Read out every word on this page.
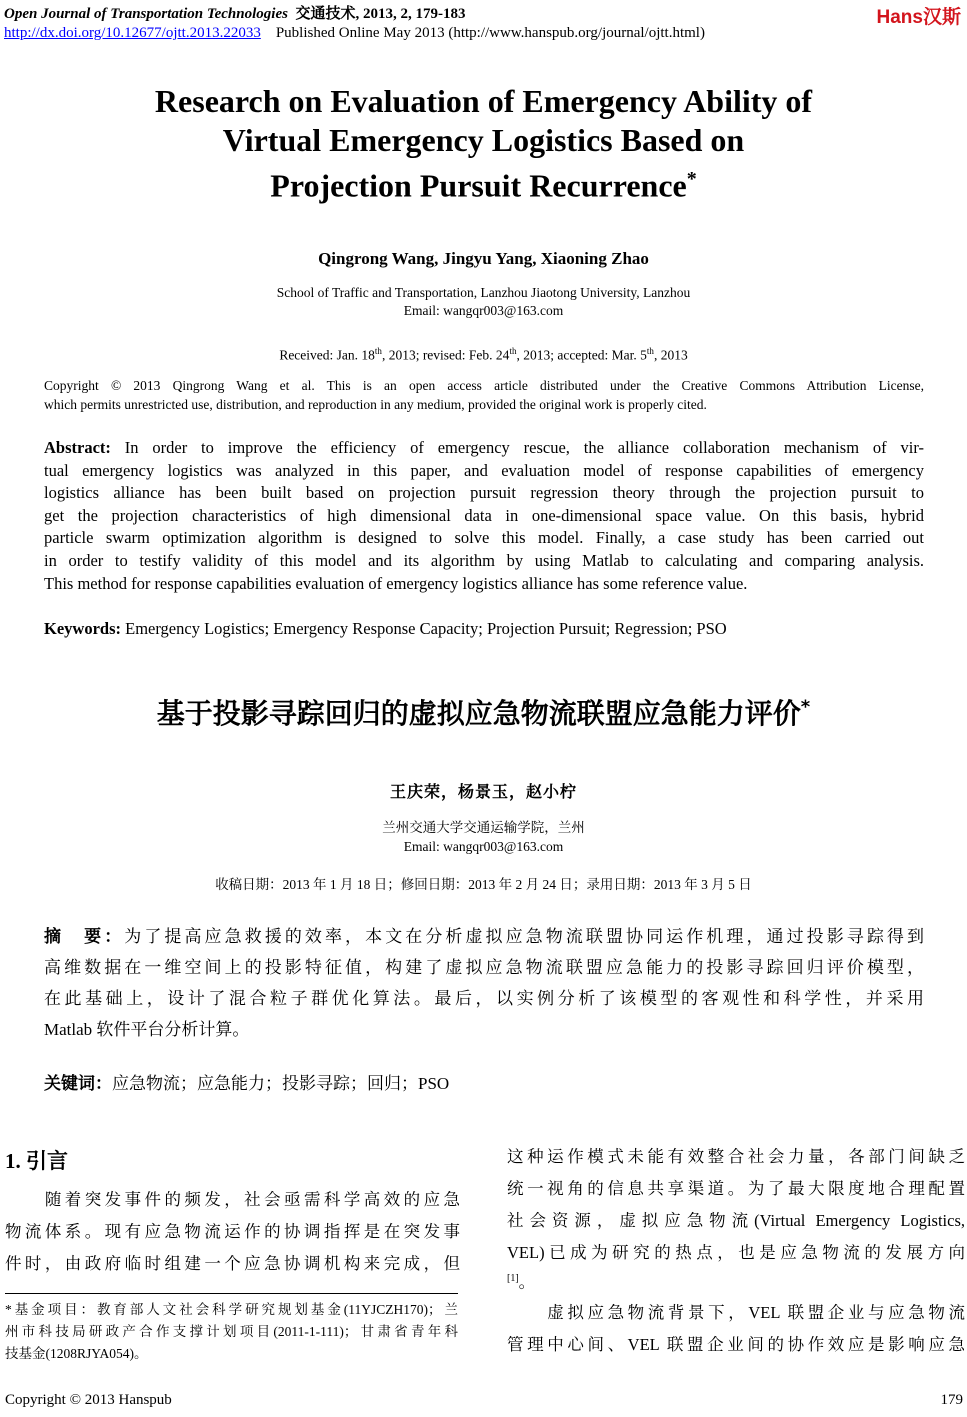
Open Journal of Transportation Technologies 交通技术, 2013, 2, 179-183
http://dx.doi.org/10.12677/ojtt.2013.22033 Published Online May 2013 (http://www.hanspub.org/journal/ojtt.html)
Hans汉斯
Research on Evaluation of Emergency Ability of
Virtual Emergency Logistics Based on
Projection Pursuit Recurrence*
Qingrong Wang, Jingyu Yang, Xiaoning Zhao
School of Traffic and Transportation, Lanzhou Jiaotong University, Lanzhou
Email: wangqr003@163.com
Received: Jan. 18th, 2013; revised: Feb. 24th, 2013; accepted: Mar. 5th, 2013
Copyright © 2013 Qingrong Wang et al. This is an open access article distributed under the Creative Commons Attribution License,
which permits unrestricted use, distribution, and reproduction in any medium, provided the original work is properly cited.
Abstract: In order to improve the efficiency of emergency rescue, the alliance collaboration mechanism of vir-
tual emergency logistics was analyzed in this paper, and evaluation model of response capabilities of emergency
logistics alliance has been built based on projection pursuit regression theory through the projection pursuit to
get the projection characteristics of high dimensional data in one-dimensional space value. On this basis, hybrid
particle swarm optimization algorithm is designed to solve this model. Finally, a case study has been carried out
in order to testify validity of this model and its algorithm by using Matlab to calculating and comparing analysis.
This method for response capabilities evaluation of emergency logistics alliance has some reference value.
Keywords: Emergency Logistics; Emergency Response Capacity; Projection Pursuit; Regression; PSO
基于投影寻踪回归的虚拟应急物流联盟应急能力评价*
王庆荣，杨景玉，赵小柠
兰州交通大学交通运输学院，兰州
Email: wangqr003@163.com
收稿日期：2013 年 1 月 18 日；修回日期：2013 年 2 月 24 日；录用日期：2013 年 3 月 5 日
摘　要：为了提高应急救援的效率，本文在分析虚拟应急物流联盟协同运作机理，通过投影寻踪得到
高维数据在一维空间上的投影特征值，构建了虚拟应急物流联盟应急能力的投影寻踪回归评价模型，
在此基础上，设计了混合粒子群优化算法。最后，以实例分析了该模型的客观性和科学性，并采用
Matlab 软件平台分析计算。
关键词：应急物流；应急能力；投影寻踪；回归；PSO
1. 引言
　　随着突发事件的频发，社会亟需科学高效的应急
物流体系。现有应急物流运作的协调指挥是在突发事
件时，由政府临时组建一个应急协调机构来完成，但
*基金项目：教育部人文社会科学研究规划基金(11YJCZH170)；兰
州市科技局研政产合作支撑计划项目(2011-1-111)；甘肃省青年科
技基金(1208RJYA054)。
这种运作模式未能有效整合社会力量，各部门间缺乏
统一视角的信息共享渠道。为了最大限度地合理配置
社会资源，虚拟应急物流(Virtual Emergency Logistics,
VEL)已成为研究的热点，也是应急物流的发展方向
[1]。
　　虚拟应急物流背景下，VEL 联盟企业与应急物流
管理中心间、VEL 联盟企业间的协作效应是影响应急
Copyright © 2013 Hanspub	179
